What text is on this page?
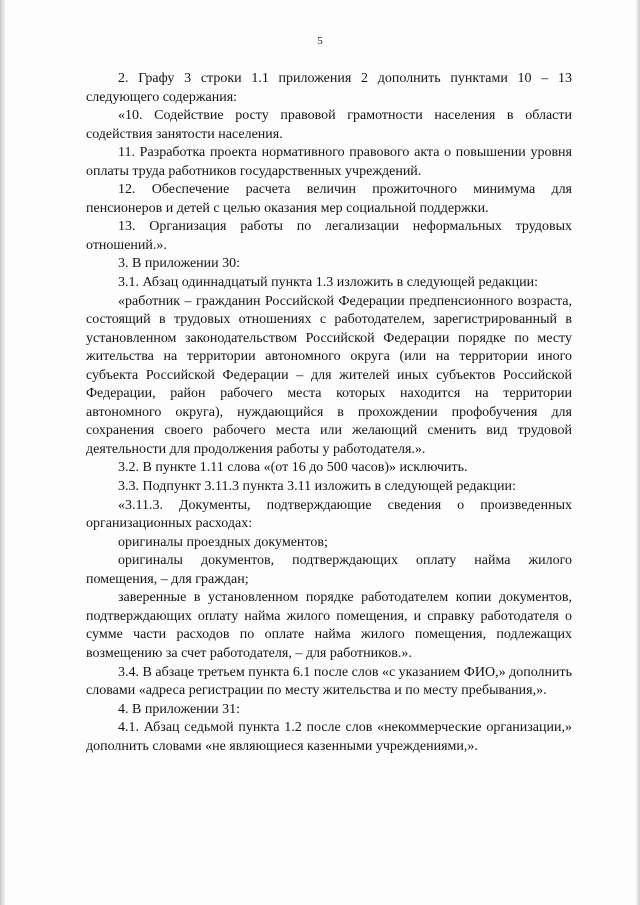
5

2. Графу 3 строки 1.1 приложения 2 дополнить пунктами 10 – 13 следующего содержания:

«10. Содействие росту правовой грамотности населения в области содействия занятости населения.

11. Разработка проекта нормативного правового акта о повышении уровня оплаты труда работников государственных учреждений.

12. Обеспечение расчета величин прожиточного минимума для пенсионеров и детей с целью оказания мер социальной поддержки.

13. Организация работы по легализации неформальных трудовых отношений.».

3. В приложении 30:

3.1. Абзац одиннадцатый пункта 1.3 изложить в следующей редакции:

«работник – гражданин Российской Федерации предпенсионного возраста, состоящий в трудовых отношениях с работодателем, зарегистрированный в установленном законодательством Российской Федерации порядке по месту жительства на территории автономного округа (или на территории иного субъекта Российской Федерации – для жителей иных субъектов Российской Федерации, район рабочего места которых находится на территории автономного округа), нуждающийся в прохождении профобучения для сохранения своего рабочего места или желающий сменить вид трудовой деятельности для продолжения работы у работодателя.».

3.2. В пункте 1.11 слова «(от 16 до 500 часов)» исключить.

3.3. Подпункт 3.11.3 пункта 3.11 изложить в следующей редакции:

«3.11.3. Документы, подтверждающие сведения о произведенных организационных расходах:

оригиналы проездных документов;

оригиналы документов, подтверждающих оплату найма жилого помещения, – для граждан;

заверенные в установленном порядке работодателем копии документов, подтверждающих оплату найма жилого помещения, и справку работодателя о сумме части расходов по оплате найма жилого помещения, подлежащих возмещению за счет работодателя, – для работников.».

3.4. В абзаце третьем пункта 6.1 после слов «с указанием ФИО,» дополнить словами «адреса регистрации по месту жительства и по месту пребывания,».

4. В приложении 31:

4.1. Абзац седьмой пункта 1.2 после слов «некоммерческие организации,» дополнить словами «не являющиеся казенными учреждениями,».
